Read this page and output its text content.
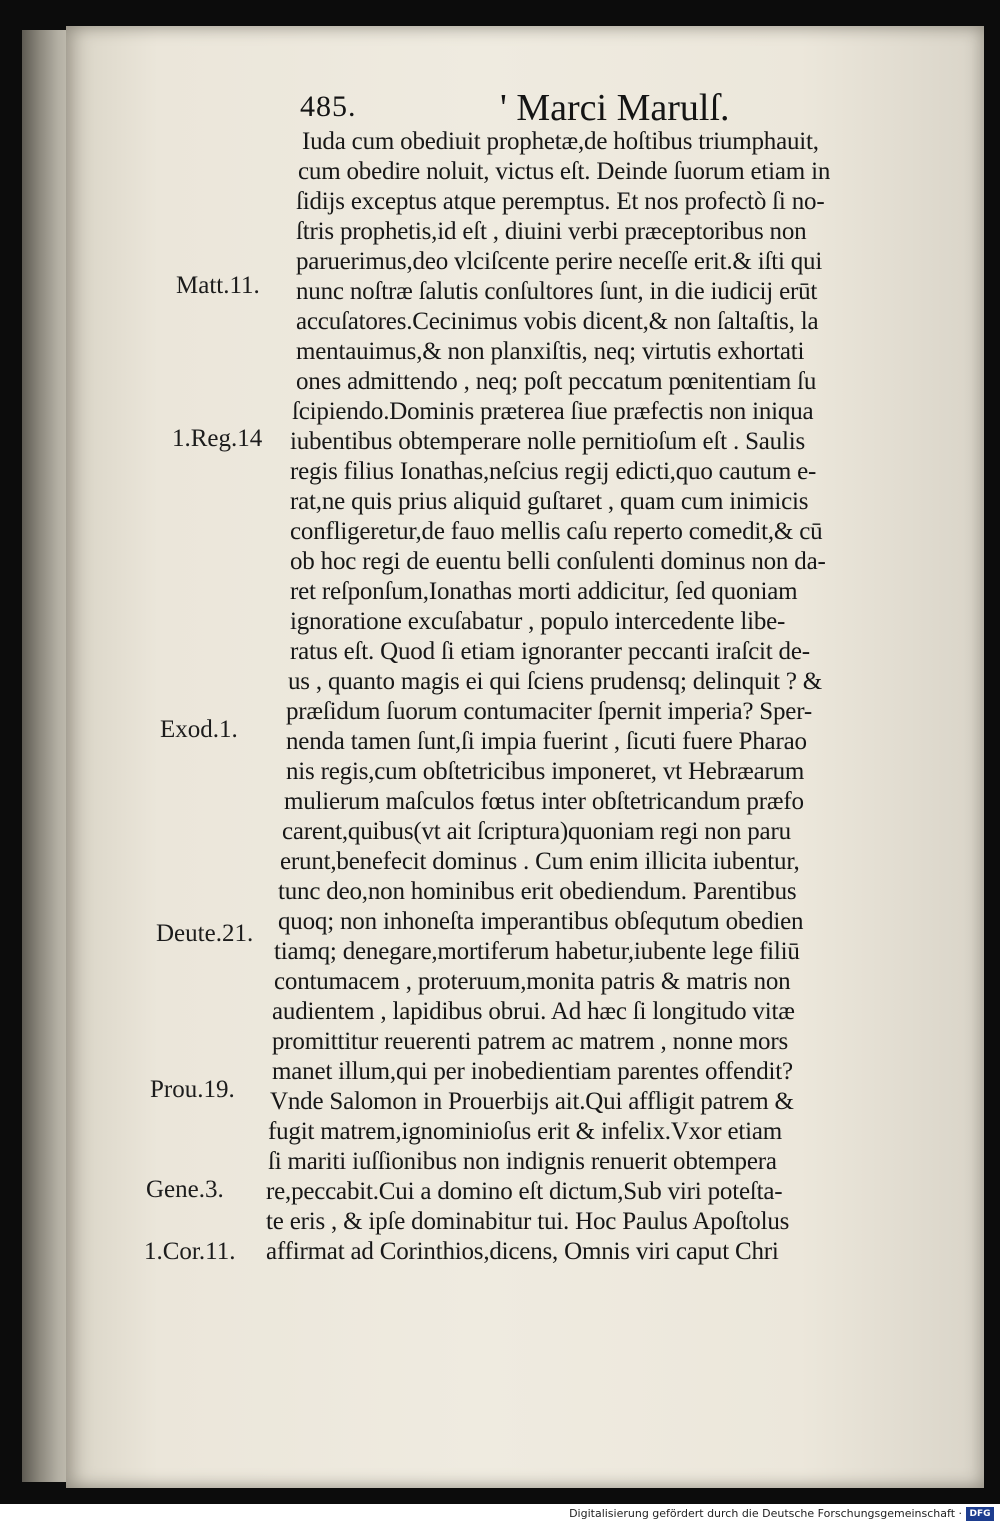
485.	' Marci Marulſ.
Iuda cum obediuit prophetæ,de hoſtibus triumphauit,
cum obedire noluit, victus eſt. Deinde ſuorum etiam in
ſidijs exceptus atque peremptus. Et nos profectò ſi no-
ſtris prophetis,id eſt , diuini verbi præceptoribus non
paruerimus,deo vlciſcente perire neceſſe erit.& iſti qui
nunc noſtræ ſalutis conſultores ſunt, in die iudicij erūt
accuſatores.Cecinimus vobis dicent,& non ſaltaſtis, la
mentauimus,& non planxiſtis, neq; virtutis exhortati
ones admittendo , neq; poſt peccatum pœnitentiam ſu
ſcipiendo.Dominis præterea ſiue præfectis non iniqua
iubentibus obtemperare nolle pernitioſum eſt . Saulis
regis filius Ionathas,neſcius regij edicti,quo cautum e-
rat,ne quis prius aliquid guſtaret , quam cum inimicis
confligeretur,de fauo mellis caſu reperto comedit,& cū
ob hoc regi de euentu belli conſulenti dominus non da-
ret reſponſum,Ionathas morti addicitur, ſed quoniam
ignoratione excuſabatur , populo intercedente libe-
ratus eſt. Quod ſi etiam ignoranter peccanti iraſcit de-
us , quanto magis ei qui ſciens prudensq; delinquit ? &
præſidum ſuorum contumaciter ſpernit imperia? Sper-
nenda tamen ſunt,ſi impia fuerint , ſicuti fuere Pharao
nis regis,cum obſtetricibus imponeret, vt Hebræarum
mulierum maſculos fœtus inter obſtetricandum præfo
carent,quibus(vt ait ſcriptura)quoniam regi non paru
erunt,benefecit dominus . Cum enim illicita iubentur,
tunc deo,non hominibus erit obediendum. Parentibus
quoq; non inhoneſta imperantibus obſequtum obedien
tiamq; denegare,mortiferum habetur,iubente lege filiū
contumacem , proteruum,monita patris & matris non
audientem , lapidibus obrui. Ad hæc ſi longitudo vitæ
promittitur reuerenti patrem ac matrem , nonne mors
manet illum,qui per inobedientiam parentes offendit?
Vnde Salomon in Prouerbijs ait.Qui affligit patrem &
fugit matrem,ignominioſus erit & infelix.Vxor etiam
ſi mariti iuſſionibus non indignis renuerit obtempera
re,peccabit.Cui a domino eſt dictum,Sub viri poteſta-
te eris , & ipſe dominabitur tui. Hoc Paulus Apoſtolus
affirmat ad Corinthios,dicens, Omnis viri caput Chri
Matt.11.
1.Reg.14
Exod.1.
Deute.21.
Prou.19.
Gene.3.
1.Cor.11.
Digitalisierung gefördert durch die Deutsche Forschungsgemeinschaft · DFG
